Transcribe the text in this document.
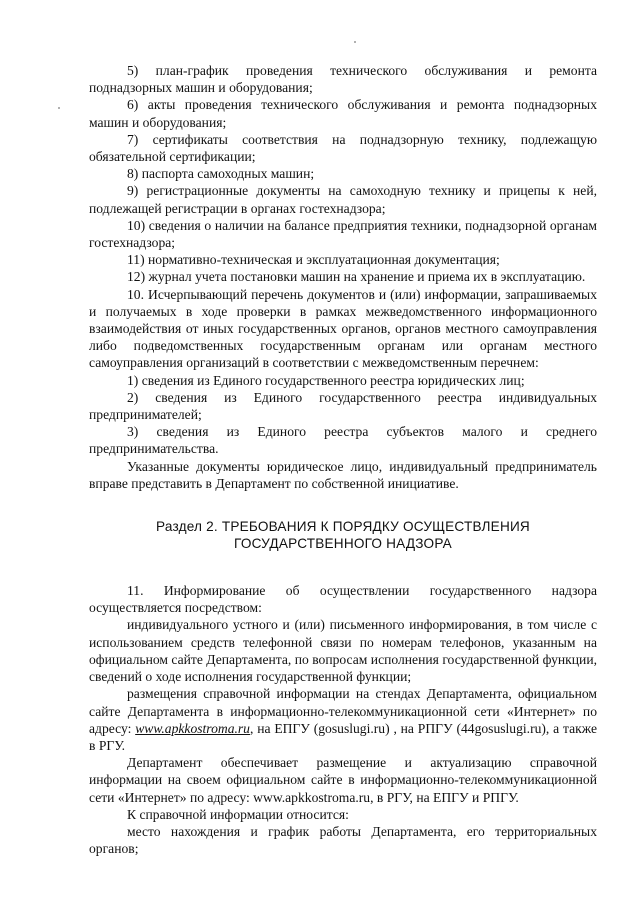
5) план-график проведения технического обслуживания и ремонта поднадзорных машин и оборудования;

6) акты проведения технического обслуживания и ремонта поднадзорных машин и оборудования;

7) сертификаты соответствия на поднадзорную технику, подлежащую обязательной сертификации;

8) паспорта самоходных машин;

9) регистрационные документы на самоходную технику и прицепы к ней, подлежащей регистрации в органах гостехнадзора;

10) сведения о наличии на балансе предприятия техники, поднадзорной органам гостехнадзора;

11) нормативно-техническая и эксплуатационная документация;

12) журнал учета постановки машин на хранение и приема их в эксплуатацию.

10. Исчерпывающий перечень документов и (или) информации, запрашиваемых и получаемых в ходе проверки в рамках межведомственного информационного взаимодействия от иных государственных органов, органов местного самоуправления либо подведомственных государственным органам или органам местного самоуправления организаций в соответствии с межведомственным перечнем:

1) сведения из Единого государственного реестра юридических лиц;

2) сведения из Единого государственного реестра индивидуальных предпринимателей;

3) сведения из Единого реестра субъектов малого и среднего предпринимательства.

Указанные документы юридическое лицо, индивидуальный предприниматель вправе представить в Департамент по собственной инициативе.

Раздел 2. ТРЕБОВАНИЯ К ПОРЯДКУ ОСУЩЕСТВЛЕНИЯ
ГОСУДАРСТВЕННОГО НАДЗОРА

11. Информирование об осуществлении государственного надзора осуществляется посредством:

индивидуального устного и (или) письменного информирования, в том числе с использованием средств телефонной связи по номерам телефонов, указанным на официальном сайте Департамента, по вопросам исполнения государственной функции, сведений о ходе исполнения государственной функции;

размещения справочной информации на стендах Департамента, официальном сайте Департамента в информационно-телекоммуникационной сети «Интернет» по адресу: www.apkkostroma.ru, на ЕПГУ (gosuslugi.ru) , на РПГУ (44gosuslugi.ru), а также в РГУ.

Департамент обеспечивает размещение и актуализацию справочной информации на своем официальном сайте в информационно-телекоммуникационной сети «Интернет» по адресу: www.apkkostroma.ru, в РГУ, на ЕПГУ и РПГУ.

К справочной информации относится:

место нахождения и график работы Департамента, его территориальных органов;
